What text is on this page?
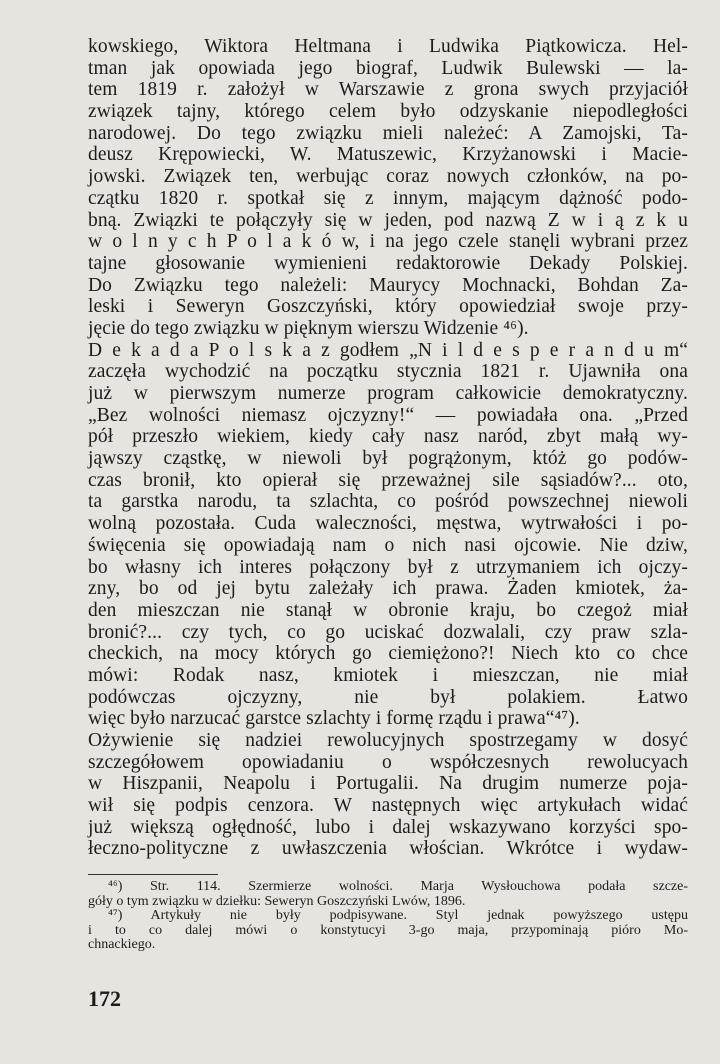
kowskiego, Wiktora Heltmana i Ludwika Piątkowicza. Hel-
tman jak opowiada jego biograf, Ludwik Bulewski — la-
tem 1819 r. założył w Warszawie z grona swych przyjaciół
związek tajny, którego celem było odzyskanie niepodległości
narodowej. Do tego związku mieli należeć: A Zamojski, Ta-
deusz Krępowiecki, W. Matuszewic, Krzyżanowski i Macie-
jowski. Związek ten, werbując coraz nowych członków, na po-
czątku 1820 r. spotkał się z innym, mającym dążność podo-
bną. Związki te połączyły się w jeden, pod nazwą Z w i ą z k u
w o l n y c h P o l a k ó w, i na jego czele stanęli wybrani przez
tajne głosowanie wymienieni redaktorowie Dekady Polskiej.
Do Związku tego należeli: Maurycy Mochnacki, Bohdan Za-
leski i Seweryn Goszczyński, który opowiedział swoje przy-
jęcie do tego związku w pięknym wierszu Widzenie ⁴⁶).
D e k a d a P o l s k a z godłem „N i l d e s p e r a n d u m“
zaczęła wychodzić na początku stycznia 1821 r. Ujawniła ona
już w pierwszym numerze program całkowicie demokratyczny.
„Bez wolności niemasz ojczyzny!“ — powiadała ona. „Przed
pół przeszło wiekiem, kiedy cały nasz naród, zbyt małą wy-
jąwszy cząstkę, w niewoli był pogrążonym, któż go podów-
czas bronił, kto opierał się przeważnej sile sąsiadów?... oto,
ta garstka narodu, ta szlachta, co pośród powszechnej niewoli
wolną pozostała. Cuda waleczności, męstwa, wytrwałości i po-
święcenia się opowiadają nam o nich nasi ojcowie. Nie dziw,
bo własny ich interes połączony był z utrzymaniem ich ojczy-
zny, bo od jej bytu zależały ich prawa. Żaden kmiotek, ża-
den mieszczan nie stanął w obronie kraju, bo czegoż miał
bronić?... czy tych, co go uciskać dozwalali, czy praw szla-
checkich, na mocy których go ciemiężono?! Niech kto co chce
mówi: Rodak nasz, kmiotek i mieszczan, nie miał
podówczas ojczyzny, nie był polakiem. Łatwo
więc było narzucać garstce szlachty i formę rządu i prawa“⁴⁷).
Ożywienie się nadziei rewolucyjnych spostrzegamy w dosyć
szczegółowem opowiadaniu o współczesnych rewolucyach
w Hiszpanii, Neapolu i Portugalii. Na drugim numerze poja-
wił się podpis cenzora. W następnych więc artykułach widać
już większą ogłędność, lubo i dalej wskazywano korzyści spo-
łeczno-polityczne z uwłaszczenia włościan. Wkrótce i wydaw-
⁴⁶) Str. 114. Szermierze wolności. Marja Wysłouchowa podała szcze-
góły o tym związku w dziełku: Seweryn Goszczyński Lwów, 1896.
⁴⁷) Artykuły nie były podpisywane. Styl jednak powyższego ustępu
i to co dalej mówi o konstytucyi 3-go maja, przypominają pióro Mo-
chnackiego.
172
